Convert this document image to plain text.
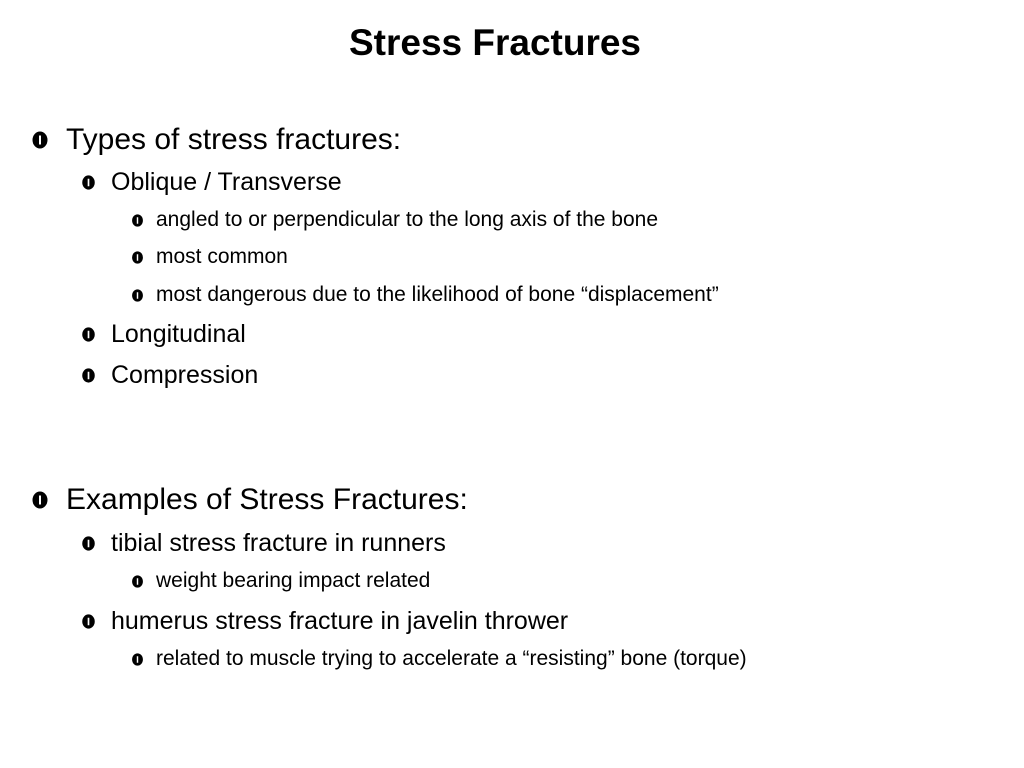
Stress Fractures
Types of stress fractures:
Oblique / Transverse
angled to or perpendicular to the long axis of the bone
most common
most dangerous due to the likelihood of bone “displacement”
Longitudinal
Compression
Examples of Stress Fractures:
tibial stress fracture in runners
weight bearing impact related
humerus stress fracture in javelin thrower
related to muscle trying to accelerate a “resisting” bone (torque)
